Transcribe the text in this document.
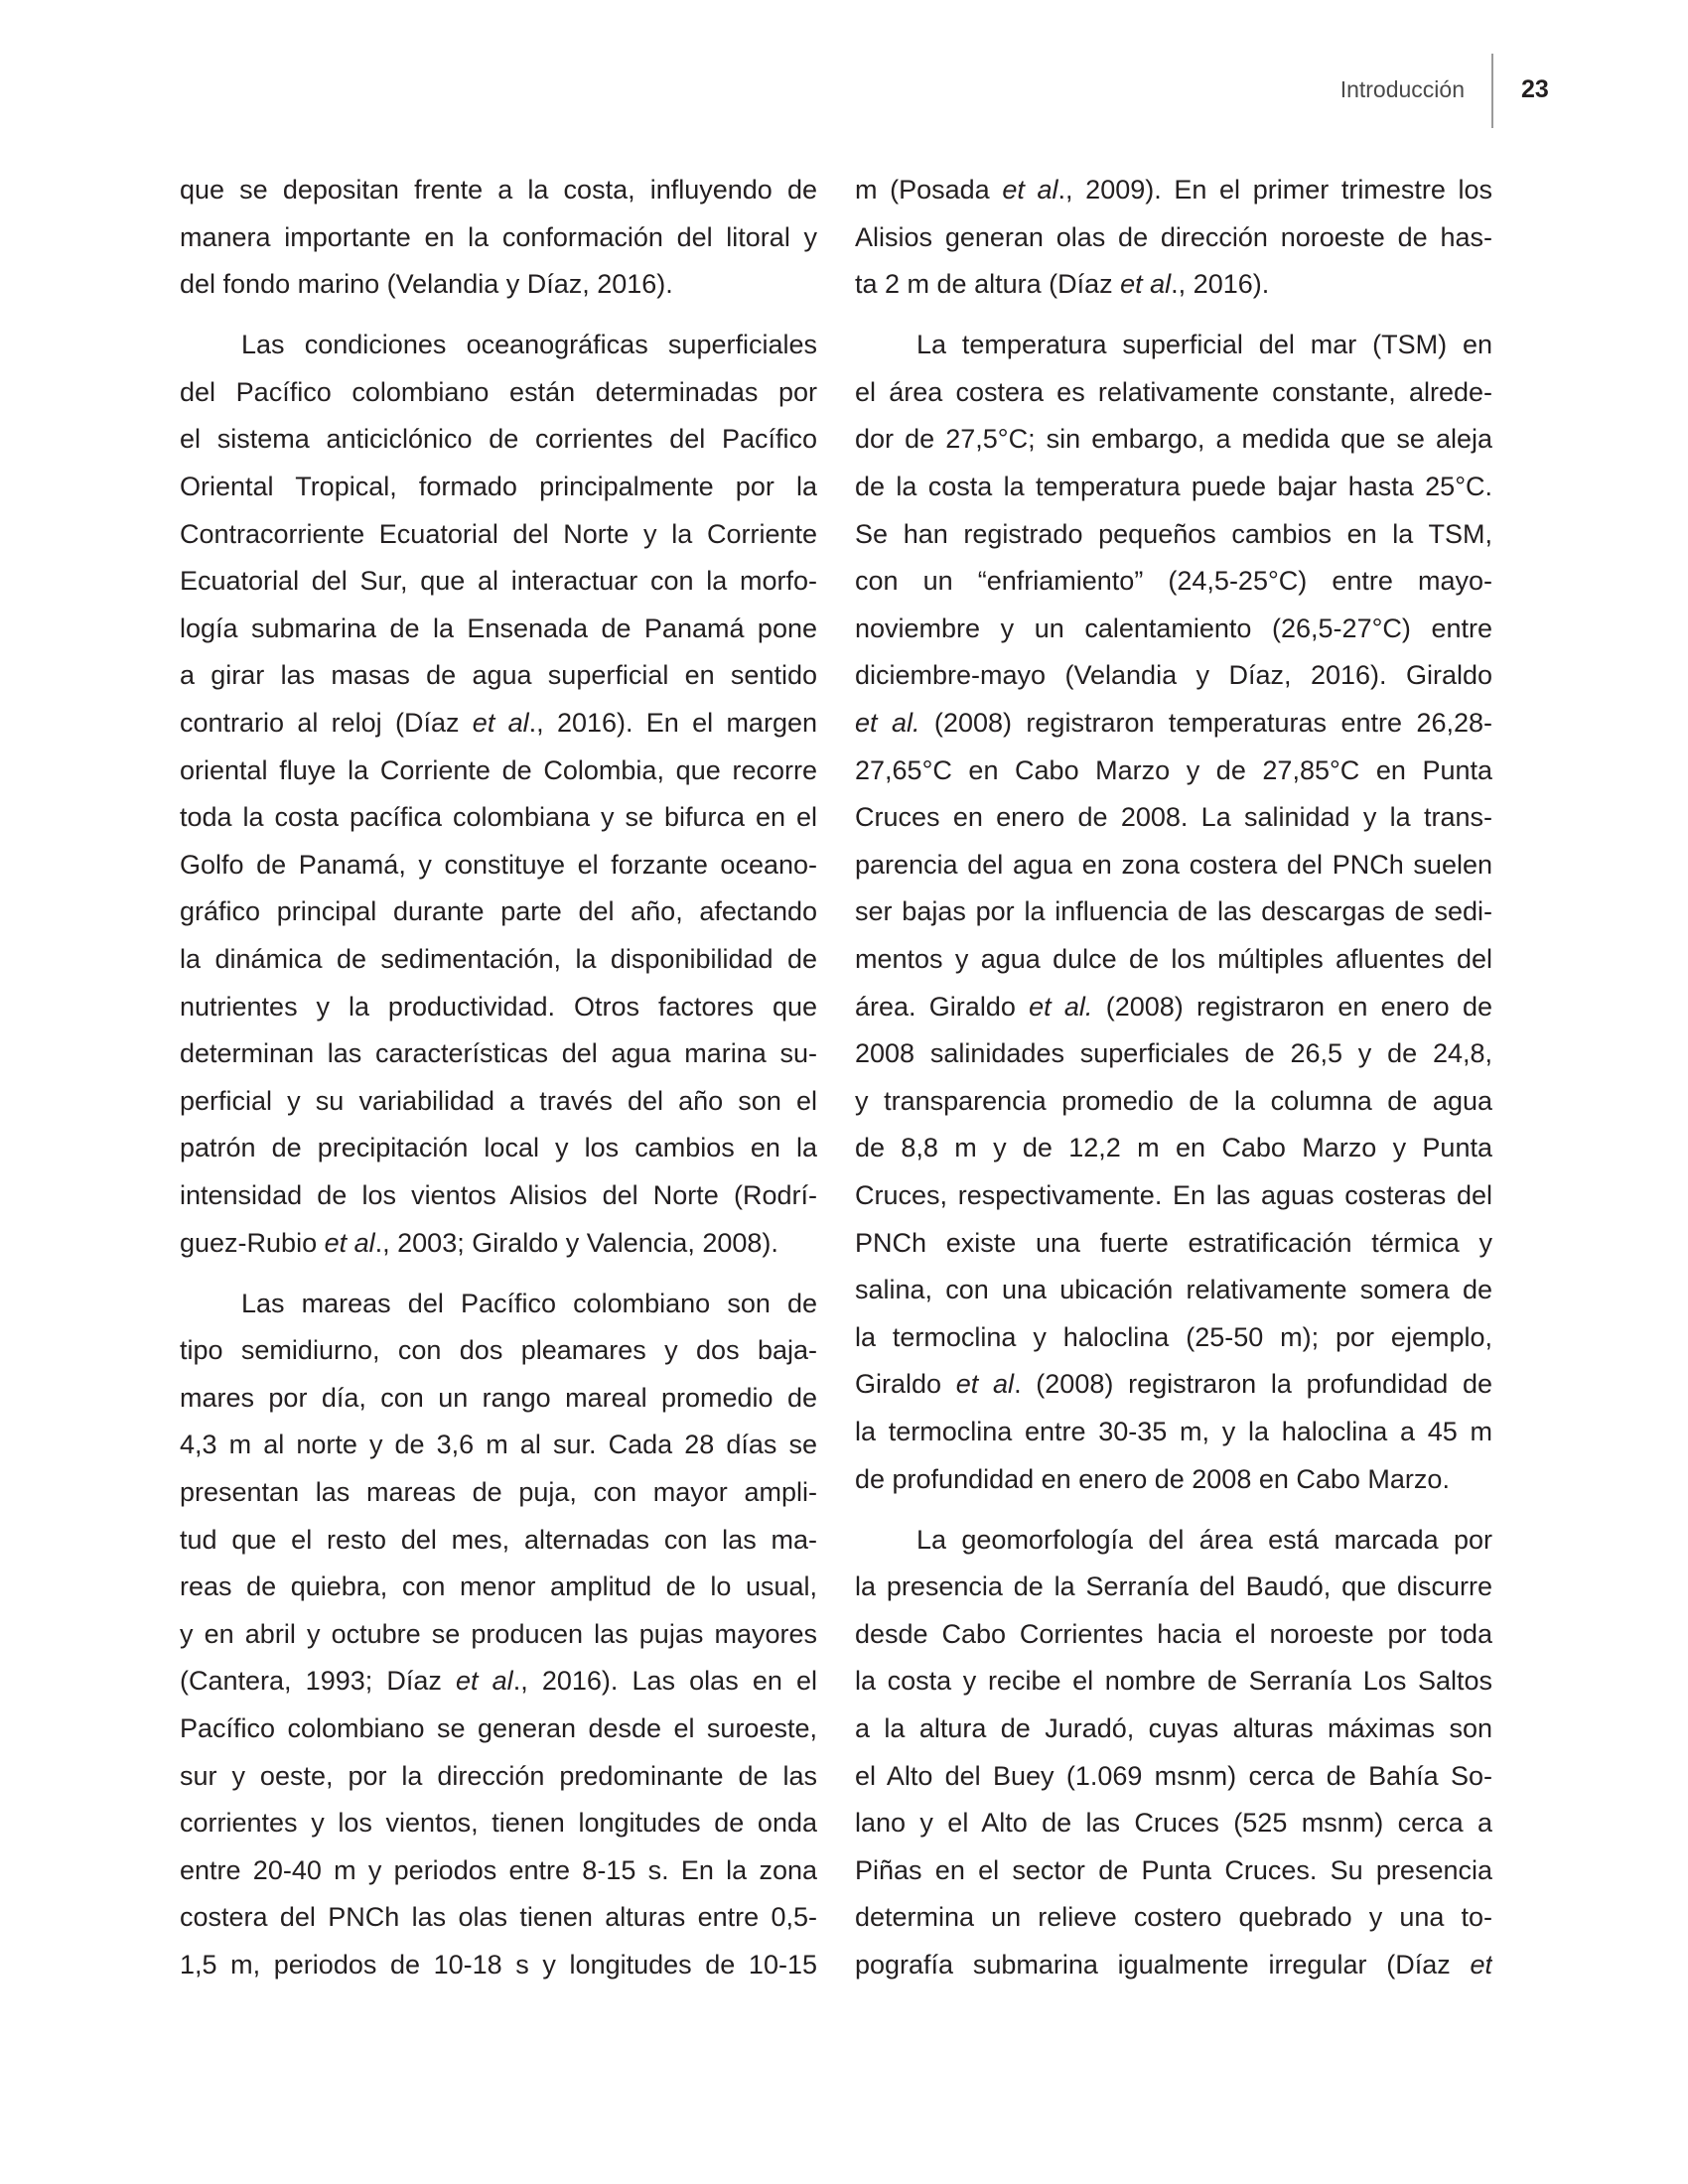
Introducción 23
que se depositan frente a la costa, influyendo de
manera importante en la conformación del litoral y
del fondo marino (Velandia y Díaz, 2016).
Las condiciones oceanográficas superficiales
del Pacífico colombiano están determinadas por
el sistema anticiclónico de corrientes del Pacífico
Oriental Tropical, formado principalmente por la
Contracorriente Ecuatorial del Norte y la Corriente
Ecuatorial del Sur, que al interactuar con la morfo-
logía submarina de la Ensenada de Panamá pone
a girar las masas de agua superficial en sentido
contrario al reloj (Díaz et al., 2016). En el margen
oriental fluye la Corriente de Colombia, que recorre
toda la costa pacífica colombiana y se bifurca en el
Golfo de Panamá, y constituye el forzante oceano-
gráfico principal durante parte del año, afectando
la dinámica de sedimentación, la disponibilidad de
nutrientes y la productividad. Otros factores que
determinan las características del agua marina su-
perficial y su variabilidad a través del año son el
patrón de precipitación local y los cambios en la
intensidad de los vientos Alisios del Norte (Rodrí-
guez-Rubio et al., 2003; Giraldo y Valencia, 2008).
Las mareas del Pacífico colombiano son de
tipo semidiurno, con dos pleamares y dos baja-
mares por día, con un rango mareal promedio de
4,3 m al norte y de 3,6 m al sur. Cada 28 días se
presentan las mareas de puja, con mayor ampli-
tud que el resto del mes, alternadas con las ma-
reas de quiebra, con menor amplitud de lo usual,
y en abril y octubre se producen las pujas mayores
(Cantera, 1993; Díaz et al., 2016). Las olas en el
Pacífico colombiano se generan desde el suroeste,
sur y oeste, por la dirección predominante de las
corrientes y los vientos, tienen longitudes de onda
entre 20-40 m y periodos entre 8-15 s. En la zona
costera del PNCh las olas tienen alturas entre 0,5-
1,5 m, periodos de 10-18 s y longitudes de 10-15
m (Posada et al., 2009). En el primer trimestre los
Alisios generan olas de dirección noroeste de has-
ta 2 m de altura (Díaz et al., 2016).
La temperatura superficial del mar (TSM) en
el área costera es relativamente constante, alrede-
dor de 27,5°C; sin embargo, a medida que se aleja
de la costa la temperatura puede bajar hasta 25°C.
Se han registrado pequeños cambios en la TSM,
con un “enfriamiento” (24,5-25°C) entre mayo-
noviembre y un calentamiento (26,5-27°C) entre
diciembre-mayo (Velandia y Díaz, 2016). Giraldo
et al. (2008) registraron temperaturas entre 26,28-
27,65°C en Cabo Marzo y de 27,85°C en Punta
Cruces en enero de 2008. La salinidad y la trans-
parencia del agua en zona costera del PNCh suelen
ser bajas por la influencia de las descargas de sedi-
mentos y agua dulce de los múltiples afluentes del
área. Giraldo et al. (2008) registraron en enero de
2008 salinidades superficiales de 26,5 y de 24,8,
y transparencia promedio de la columna de agua
de 8,8 m y de 12,2 m en Cabo Marzo y Punta
Cruces, respectivamente. En las aguas costeras del
PNCh existe una fuerte estratificación térmica y
salina, con una ubicación relativamente somera de
la termoclina y haloclina (25-50 m); por ejemplo,
Giraldo et al. (2008) registraron la profundidad de
la termoclina entre 30-35 m, y la haloclina a 45 m
de profundidad en enero de 2008 en Cabo Marzo.
La geomorfología del área está marcada por
la presencia de la Serranía del Baudó, que discurre
desde Cabo Corrientes hacia el noroeste por toda
la costa y recibe el nombre de Serranía Los Saltos
a la altura de Juradó, cuyas alturas máximas son
el Alto del Buey (1.069 msnm) cerca de Bahía So-
lano y el Alto de las Cruces (525 msnm) cerca a
Piñas en el sector de Punta Cruces. Su presencia
determina un relieve costero quebrado y una to-
pografía submarina igualmente irregular (Díaz et
